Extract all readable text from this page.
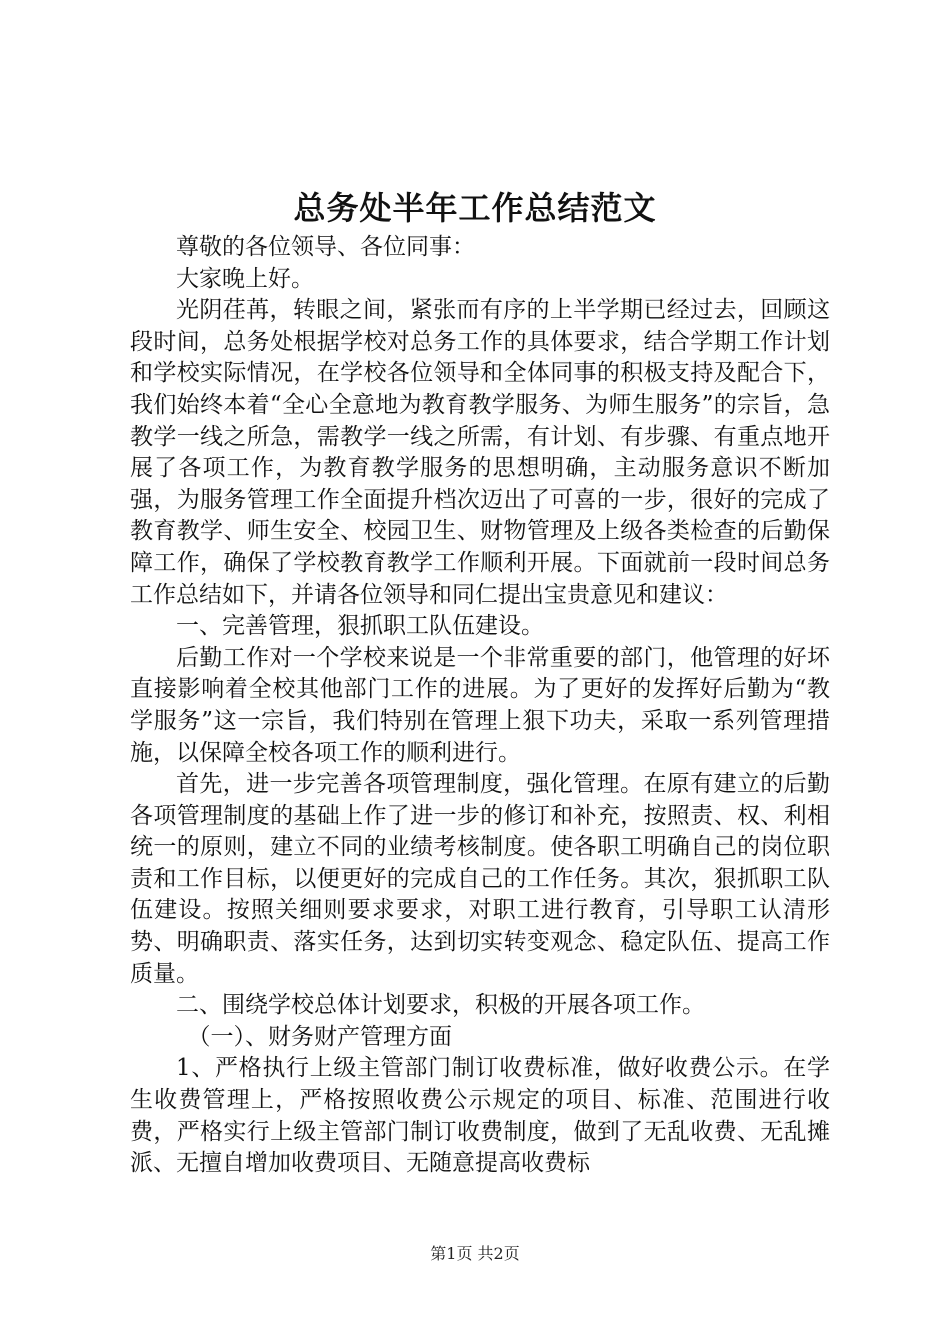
总务处半年工作总结范文

尊敬的各位领导、各位同事：

大家晚上好。

光阴荏苒，转眼之间，紧张而有序的上半学期已经过去，回顾这段时间，总务处根据学校对总务工作的具体要求，结合学期工作计划和学校实际情况，在学校各位领导和全体同事的积极支持及配合下，我们始终本着“全心全意地为教育教学服务、为师生服务”的宗旨，急教学一线之所急，需教学一线之所需，有计划、有步骤、有重点地开展了各项工作，为教育教学服务的思想明确，主动服务意识不断加强，为服务管理工作全面提升档次迈出了可喜的一步，很好的完成了教育教学、师生安全、校园卫生、财物管理及上级各类检查的后勤保障工作，确保了学校教育教学工作顺利开展。下面就前一段时间总务工作总结如下，并请各位领导和同仁提出宝贵意见和建议：

一、完善管理，狠抓职工队伍建设。

后勤工作对一个学校来说是一个非常重要的部门，他管理的好坏直接影响着全校其他部门工作的进展。为了更好的发挥好后勤为“教学服务”这一宗旨，我们特别在管理上狠下功夫，采取一系列管理措施，以保障全校各项工作的顺利进行。

首先，进一步完善各项管理制度，强化管理。在原有建立的后勤各项管理制度的基础上作了进一步的修订和补充，按照责、权、利相统一的原则，建立不同的业绩考核制度。使各职工明确自己的岗位职责和工作目标，以便更好的完成自己的工作任务。其次，狠抓职工队伍建设。按照关细则要求要求，对职工进行教育，引导职工认清形势、明确职责、落实任务，达到切实转变观念、稳定队伍、提高工作质量。

二、围绕学校总体计划要求，积极的开展各项工作。

（一）、财务财产管理方面

1、严格执行上级主管部门制订收费标准，做好收费公示。在学生收费管理上，严格按照收费公示规定的项目、标准、范围进行收费，严格实行上级主管部门制订收费制度，做到了无乱收费、无乱摊派、无擅自增加收费项目、无随意提高收费标

第1页 共2页
